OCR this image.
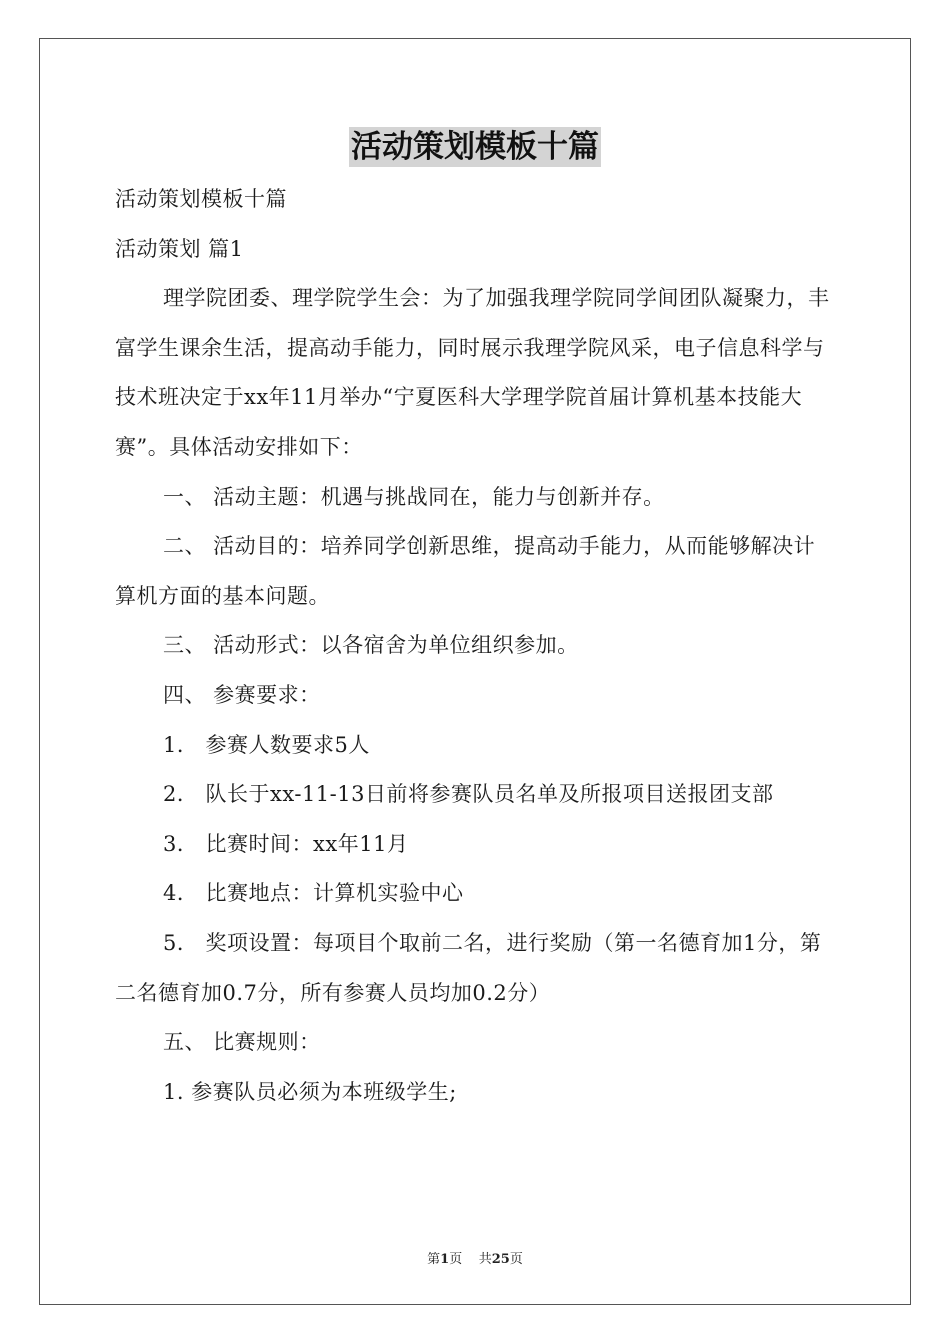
活动策划模板十篇

活动策划模板十篇

活动策划 篇1

理学院团委、理学院学生会：为了加强我理学院同学间团队凝聚力，丰富学生课余生活，提高动手能力，同时展示我理学院风采，电子信息科学与技术班决定于xx年11月举办“宁夏医科大学理学院首届计算机基本技能大赛”。具体活动安排如下：

一、 活动主题：机遇与挑战同在，能力与创新并存。

二、 活动目的：培养同学创新思维，提高动手能力，从而能够解决计算机方面的基本问题。

三、 活动形式：以各宿舍为单位组织参加。

四、 参赛要求：

1． 参赛人数要求5人

2． 队长于xx-11-13日前将参赛队员名单及所报项目送报团支部

3． 比赛时间：xx年11月

4． 比赛地点：计算机实验中心

5． 奖项设置：每项目个取前二名，进行奖励（第一名德育加1分，第二名德育加0.7分，所有参赛人员均加0.2分）

五、 比赛规则：

1. 参赛队员必须为本班级学生;

第1页 共25页
